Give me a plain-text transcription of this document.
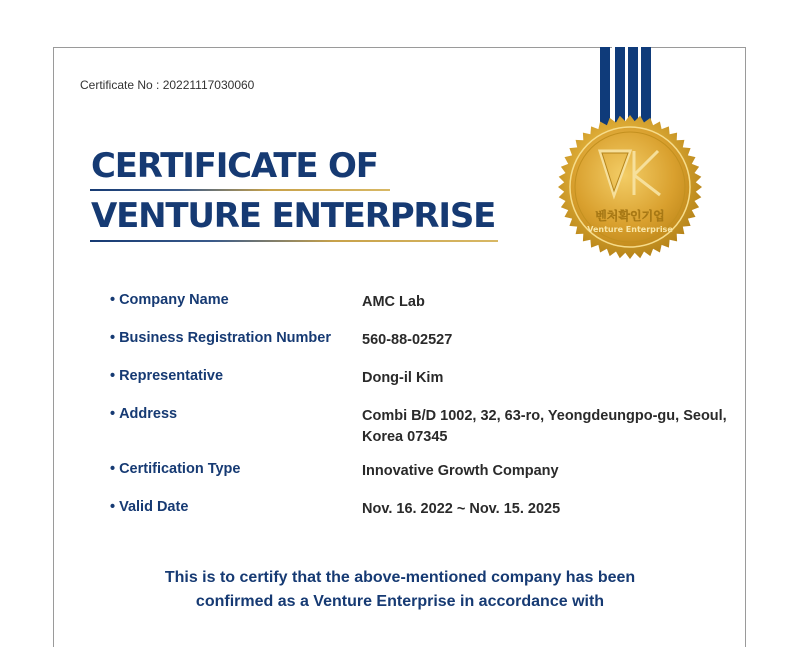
Certificate No : 20221117030060
CERTIFICATE OF
VENTURE ENTERPRISE	벤처확인기업
Venture Enterprise
• Company Name	AMC Lab
• Business Registration Number 560-88-02527
• Representative	Dong-il Kim
• Address	Combi B/D 1002, 32, 63-ro, Yeongdeungpo-gu, Seoul, Korea 07345
• Certification Type	Innovative Growth Company
• Valid Date	Nov. 16. 2022 ~ Nov. 15. 2025
This is to certify that the above-mentioned company has been confirmed as a Venture Enterprise in accordance with
